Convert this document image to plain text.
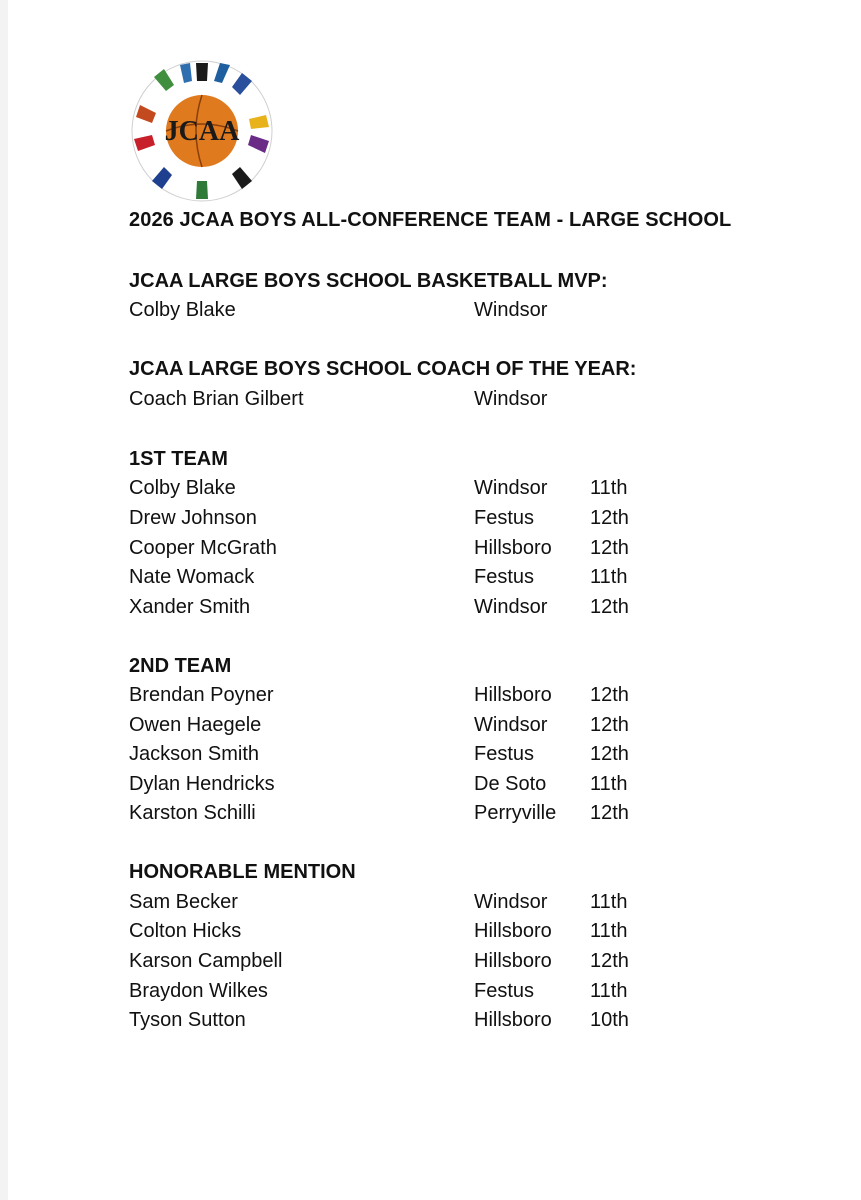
JCAA
2026 JCAA BOYS ALL-CONFERENCE TEAM - LARGE SCHOOL
JCAA LARGE BOYS SCHOOL BASKETBALL MVP:
Colby Blake	Windsor
JCAA LARGE BOYS SCHOOL COACH OF THE YEAR:
Coach Brian Gilbert	Windsor
1ST TEAM
Colby Blake	Windsor 11th
Drew Johnson	Festus	12th
Cooper McGrath	Hillsboro 12th
Nate Womack	Festus	11th
Xander Smith	Windsor 12th
2ND TEAM
Brendan Poyner	Hillsboro 12th
Owen Haegele	Windsor 12th
Jackson Smith	Festus	12th
Dylan Hendricks	De Soto 11th
Karston Schilli	Perryville 12th
HONORABLE MENTION
Sam Becker	Windsor 11th
Colton Hicks	Hillsboro 11th
Karson Campbell	Hillsboro 12th
Braydon Wilkes	Festus	11th
Tyson Sutton	Hillsboro 10th
